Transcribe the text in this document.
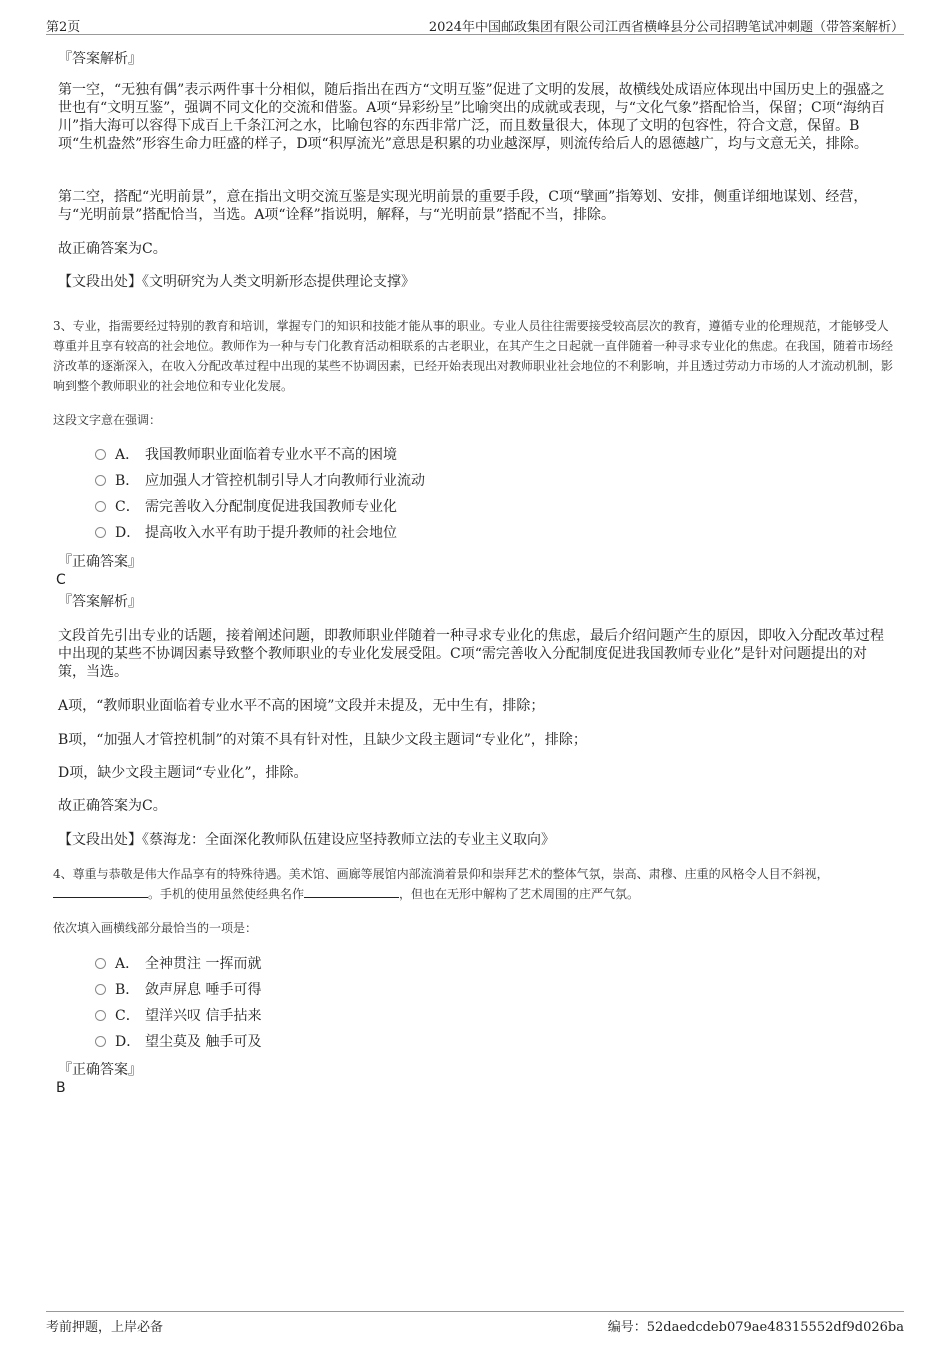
第2页	2024年中国邮政集团有限公司江西省横峰县分公司招聘笔试冲刺题（带答案解析）
『答案解析』
第一空，“无独有偶”表示两件事十分相似，随后指出在西方“文明互鉴”促进了文明的发展，故横线处成语应体现出中国历史上的强盛之世也有“文明互鉴”，强调不同文化的交流和借鉴。A项“异彩纷呈”比喻突出的成就或表现，与“文化气象”搭配恰当，保留；C项“海纳百川”指大海可以容得下成百上千条江河之水，比喻包容的东西非常广泛，而且数量很大，体现了文明的包容性，符合文意，保留。B项“生机盎然”形容生命力旺盛的样子，D项“积厚流光”意思是积累的功业越深厚，则流传给后人的恩德越广，均与文意无关，排除。
第二空，搭配“光明前景”，意在指出文明交流互鉴是实现光明前景的重要手段，C项“擘画”指筹划、安排，侧重详细地谋划、经营，与“光明前景”搭配恰当，当选。A项“诠释”指说明，解释，与“光明前景”搭配不当，排除。
故正确答案为C。
【文段出处】《文明研究为人类文明新形态提供理论支撑》
3、专业，指需要经过特别的教育和培训，掌握专门的知识和技能才能从事的职业。专业人员往往需要接受较高层次的教育，遵循专业的伦理规范，才能够受人尊重并且享有较高的社会地位。教师作为一种与专门化教育活动相联系的古老职业，在其产生之日起就一直伴随着一种寻求专业化的焦虑。在我国，随着市场经济改革的逐渐深入，在收入分配改革过程中出现的某些不协调因素，已经开始表现出对教师职业社会地位的不利影响，并且透过劳动力市场的人才流动机制，影响到整个教师职业的社会地位和专业化发展。
这段文字意在强调：
A． 我国教师职业面临着专业水平不高的困境
B． 应加强人才管控机制引导人才向教师行业流动
C． 需完善收入分配制度促进我国教师专业化
D． 提高收入水平有助于提升教师的社会地位
『正确答案』
C
『答案解析』
文段首先引出专业的话题，接着阐述问题，即教师职业伴随着一种寻求专业化的焦虑，最后介绍问题产生的原因，即收入分配改革过程中出现的某些不协调因素导致整个教师职业的专业化发展受阻。C项“需完善收入分配制度促进我国教师专业化”是针对问题提出的对策，当选。
A项，“教师职业面临着专业水平不高的困境”文段并未提及，无中生有，排除；
B项，“加强人才管控机制”的对策不具有针对性，且缺少文段主题词“专业化”，排除；
D项，缺少文段主题词“专业化”，排除。
故正确答案为C。
【文段出处】《蔡海龙：全面深化教师队伍建设应坚持教师立法的专业主义取向》
4、尊重与恭敬是伟大作品享有的特殊待遇。美术馆、画廊等展馆内部流淌着景仰和崇拜艺术的整体气氛，崇高、肃穆、庄重的风格令人目不斜视，。手机的使用虽然使经典名作	，但也在无形中解构了艺术周围的庄严气氛。
依次填入画横线部分最恰当的一项是：
A． 全神贯注 一挥而就
B． 敛声屏息 唾手可得
C． 望洋兴叹 信手拈来
D． 望尘莫及 触手可及
『正确答案』
B
考前押题，上岸必备	编号：52daedcdeb079ae48315552df9d026ba
